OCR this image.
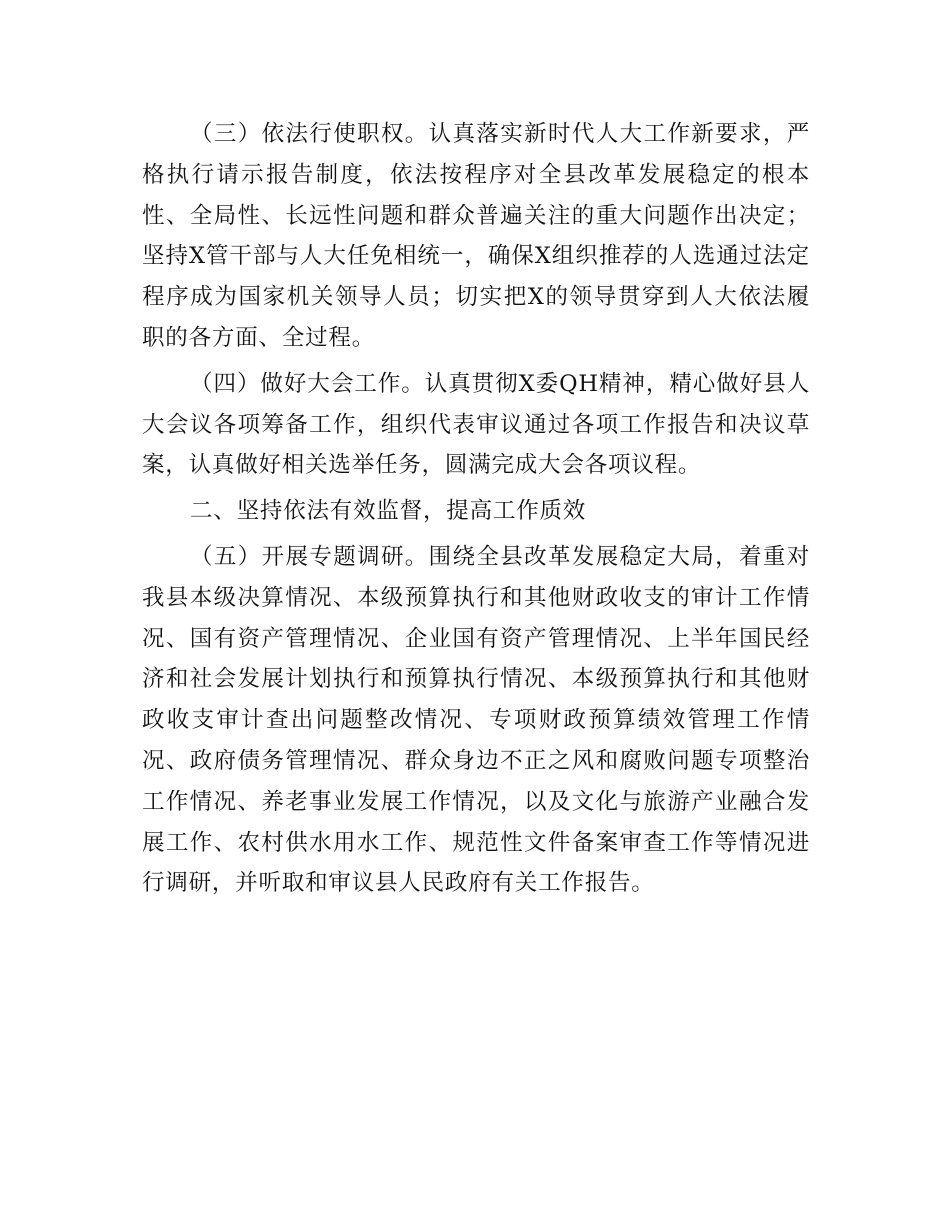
（三）依法行使职权。认真落实新时代人大工作新要求，严格执行请示报告制度，依法按程序对全县改革发展稳定的根本性、全局性、长远性问题和群众普遍关注的重大问题作出决定；坚持X管干部与人大任免相统一，确保X组织推荐的人选通过法定程序成为国家机关领导人员；切实把X的领导贯穿到人大依法履职的各方面、全过程。

（四）做好大会工作。认真贯彻X委QH精神，精心做好县人大会议各项筹备工作，组织代表审议通过各项工作报告和决议草案，认真做好相关选举任务，圆满完成大会各项议程。

二、坚持依法有效监督，提高工作质效

（五）开展专题调研。围绕全县改革发展稳定大局，着重对我县本级决算情况、本级预算执行和其他财政收支的审计工作情况、国有资产管理情况、企业国有资产管理情况、上半年国民经济和社会发展计划执行和预算执行情况、本级预算执行和其他财政收支审计查出问题整改情况、专项财政预算绩效管理工作情况、政府债务管理情况、群众身边不正之风和腐败问题专项整治工作情况、养老事业发展工作情况，以及文化与旅游产业融合发展工作、农村供水用水工作、规范性文件备案审查工作等情况进行调研，并听取和审议县人民政府有关工作报告。
